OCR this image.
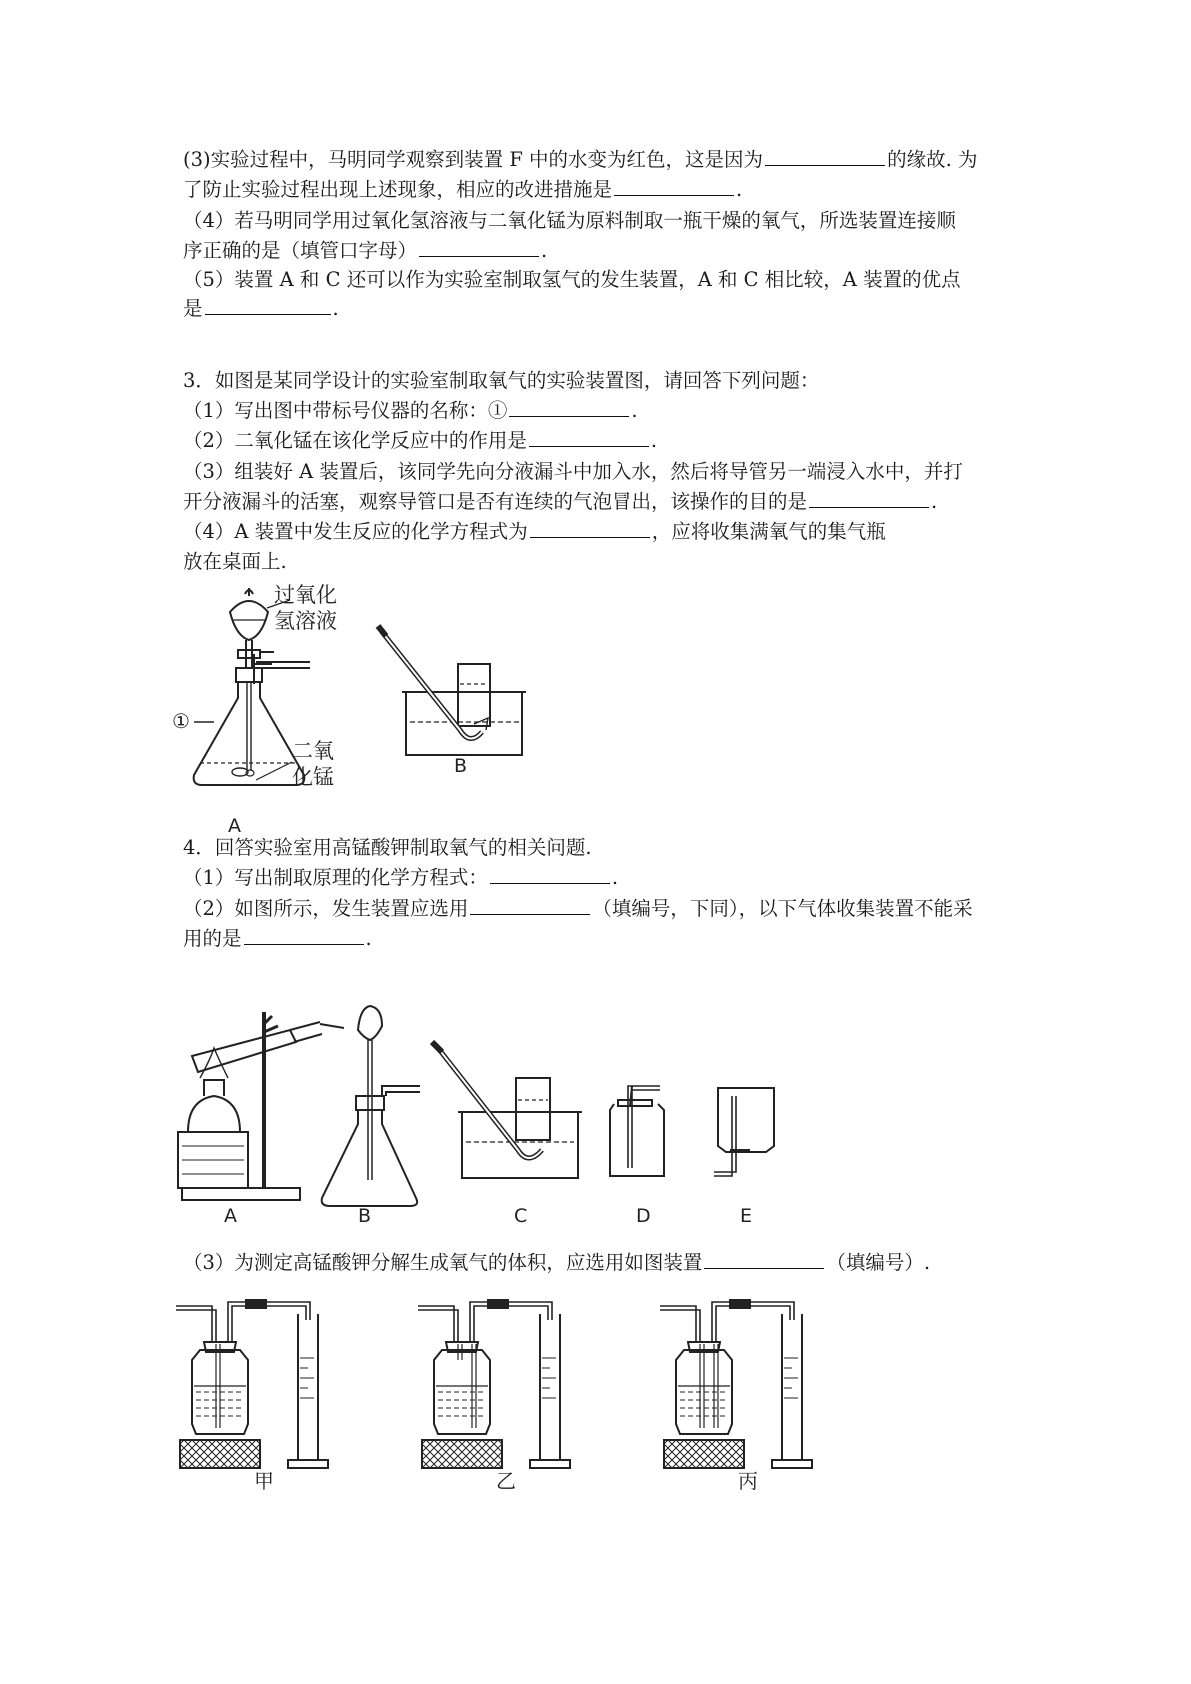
(3)实验过程中，马明同学观察到装置 F 中的水变为红色，这是因为	的缘故. 为
了防止实验过程出现上述现象，相应的改进措施是	.
（4）若马明同学用过氧化氢溶液与二氧化锰为原料制取一瓶干燥的氧气，所选装置连接顺
序正确的是（填管口字母）	.
（5）装置 A 和 C 还可以作为实验室制取氢气的发生装置，A 和 C 相比较，A 装置的优点
是	.
3．如图是某同学设计的实验室制取氧气的实验装置图，请回答下列问题：
（1）写出图中带标号仪器的名称：①	.
（2）二氧化锰在该化学反应中的作用是	.
（3）组装好 A 装置后，该同学先向分液漏斗中加入水，然后将导管另一端浸入水中，并打
开分液漏斗的活塞，观察导管口是否有连续的气泡冒出，该操作的目的是	.
（4）A 装置中发生反应的化学方程式为	，应将收集满氧气的集气瓶
放在桌面上.
过氧化
氢溶液
①
二氧
化锰
A
B
4．回答实验室用高锰酸钾制取氧气的相关问题.
（1）写出制取原理的化学方程式：	.
（2）如图所示，发生装置应选用	（填编号，下同），以下气体收集装置不能采
用的是	.
A	B	C	D	E
（3）为测定高锰酸钾分解生成氧气的体积，应选用如图装置	（填编号）.
甲	乙	丙
